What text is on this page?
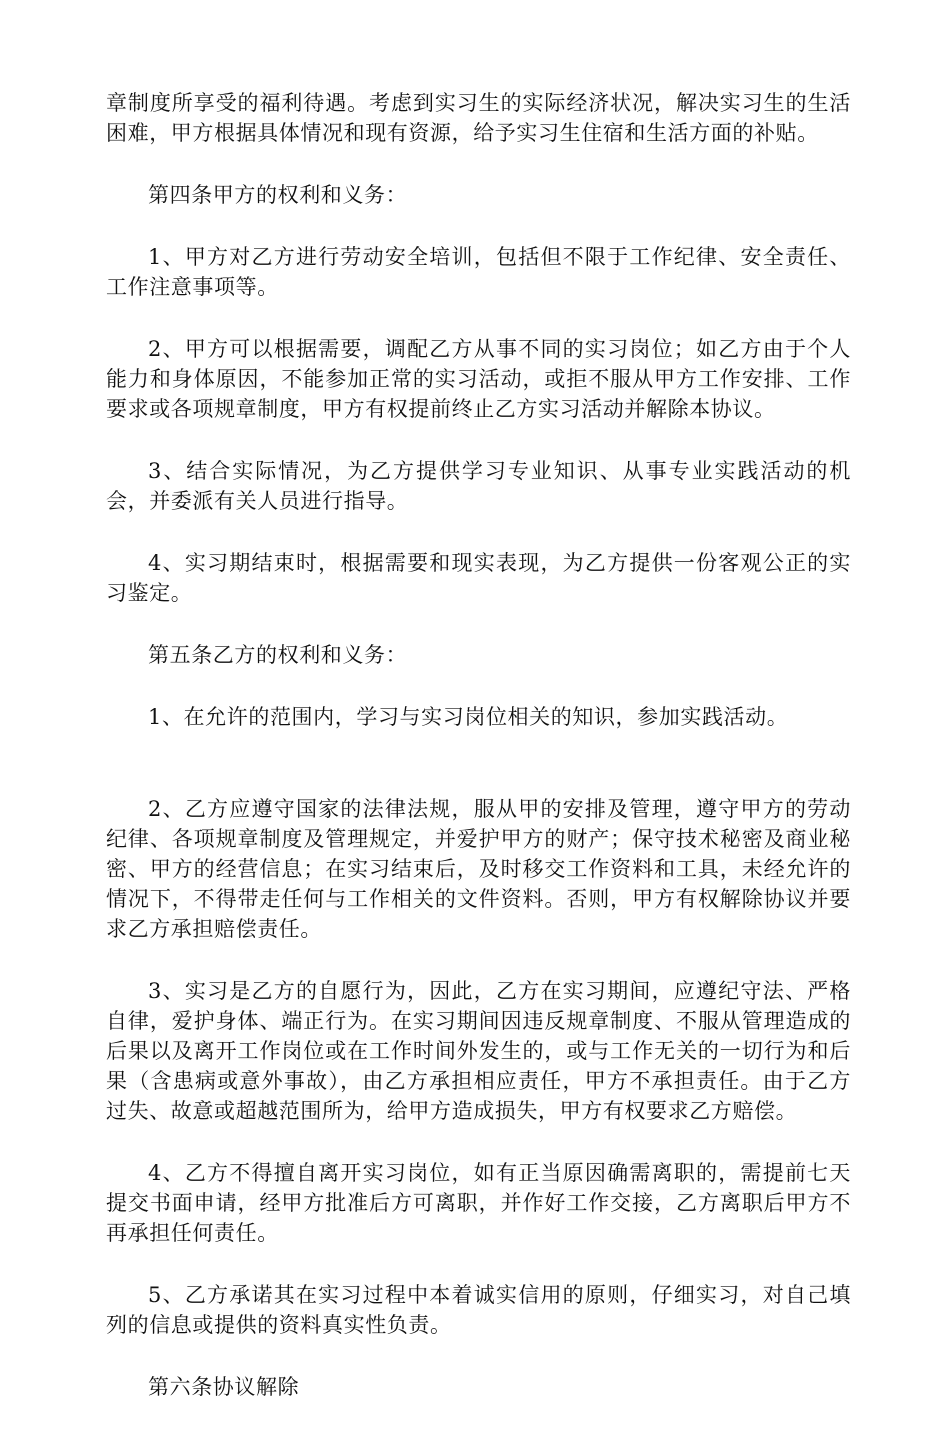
章制度所享受的福利待遇。考虑到实习生的实际经济状况，解决实习生的生活困难，甲方根据具体情况和现有资源，给予实习生住宿和生活方面的补贴。

第四条甲方的权利和义务：

1、甲方对乙方进行劳动安全培训，包括但不限于工作纪律、安全责任、工作注意事项等。

2、甲方可以根据需要，调配乙方从事不同的实习岗位；如乙方由于个人能力和身体原因，不能参加正常的实习活动，或拒不服从甲方工作安排、工作要求或各项规章制度，甲方有权提前终止乙方实习活动并解除本协议。

3、结合实际情况，为乙方提供学习专业知识、从事专业实践活动的机会，并委派有关人员进行指导。

4、实习期结束时，根据需要和现实表现，为乙方提供一份客观公正的实习鉴定。

第五条乙方的权利和义务：

1、在允许的范围内，学习与实习岗位相关的知识，参加实践活动。

2、乙方应遵守国家的法律法规，服从甲的安排及管理，遵守甲方的劳动纪律、各项规章制度及管理规定，并爱护甲方的财产；保守技术秘密及商业秘密、甲方的经营信息；在实习结束后，及时移交工作资料和工具，未经允许的情况下，不得带走任何与工作相关的文件资料。否则，甲方有权解除协议并要求乙方承担赔偿责任。

3、实习是乙方的自愿行为，因此，乙方在实习期间，应遵纪守法、严格自律，爱护身体、端正行为。在实习期间因违反规章制度、不服从管理造成的后果以及离开工作岗位或在工作时间外发生的，或与工作无关的一切行为和后果（含患病或意外事故），由乙方承担相应责任，甲方不承担责任。由于乙方过失、故意或超越范围所为，给甲方造成损失，甲方有权要求乙方赔偿。

4、乙方不得擅自离开实习岗位，如有正当原因确需离职的，需提前七天提交书面申请，经甲方批准后方可离职，并作好工作交接，乙方离职后甲方不再承担任何责任。

5、乙方承诺其在实习过程中本着诚实信用的原则，仔细实习，对自己填列的信息或提供的资料真实性负责。

第六条协议解除
